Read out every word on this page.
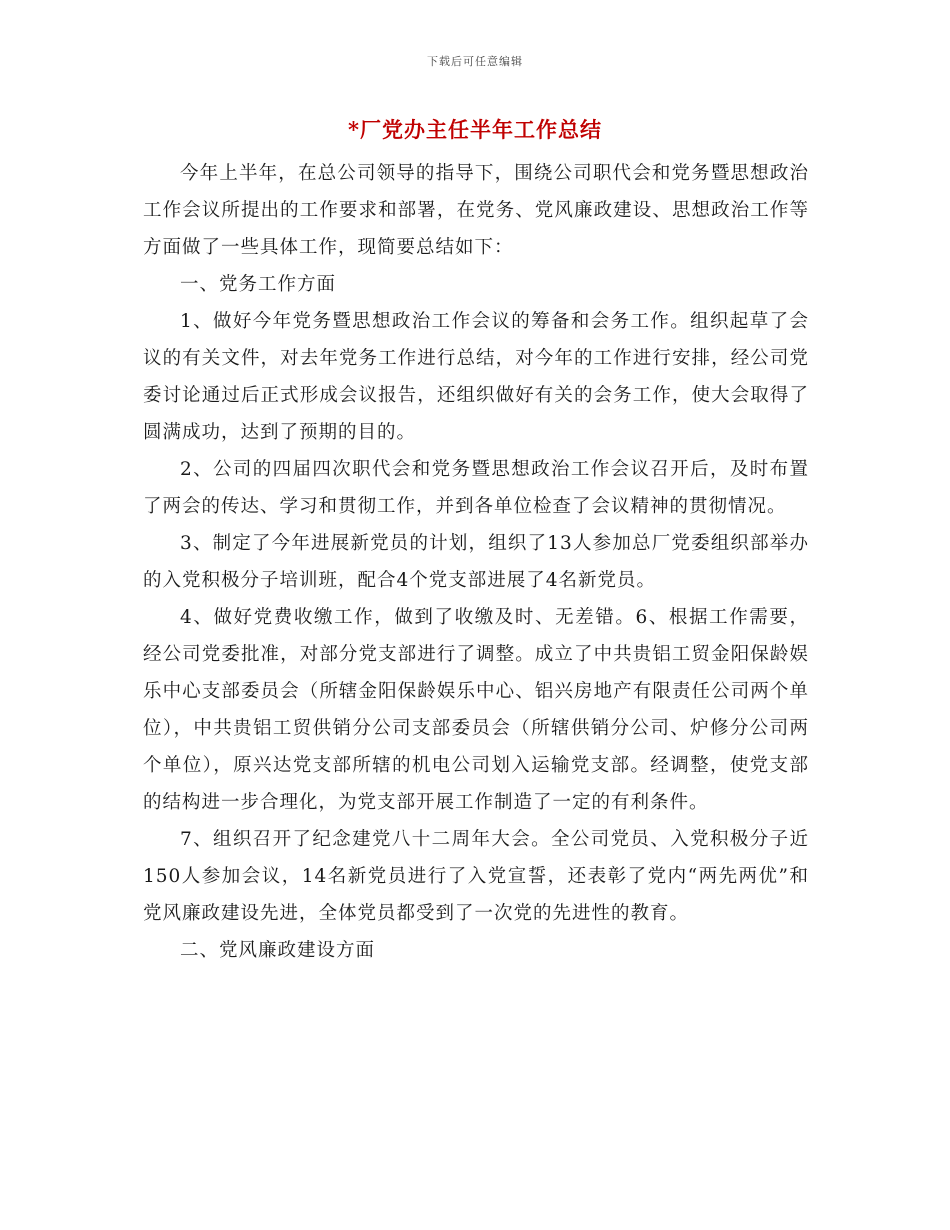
下载后可任意编辑
*厂党办主任半年工作总结

今年上半年，在总公司领导的指导下，围绕公司职代会和党务暨思想政治工作会议所提出的工作要求和部署，在党务、党风廉政建设、思想政治工作等方面做了一些具体工作，现简要总结如下：

一、党务工作方面

1、做好今年党务暨思想政治工作会议的筹备和会务工作。组织起草了会议的有关文件，对去年党务工作进行总结，对今年的工作进行安排，经公司党委讨论通过后正式形成会议报告，还组织做好有关的会务工作，使大会取得了圆满成功，达到了预期的目的。

2、公司的四届四次职代会和党务暨思想政治工作会议召开后，及时布置了两会的传达、学习和贯彻工作，并到各单位检查了会议精神的贯彻情况。

3、制定了今年进展新党员的计划，组织了13人参加总厂党委组织部举办的入党积极分子培训班，配合4个党支部进展了4名新党员。

4、做好党费收缴工作，做到了收缴及时、无差错。6、根据工作需要，经公司党委批准，对部分党支部进行了调整。成立了中共贵铝工贸金阳保龄娱乐中心支部委员会（所辖金阳保龄娱乐中心、铝兴房地产有限责任公司两个单位），中共贵铝工贸供销分公司支部委员会（所辖供销分公司、炉修分公司两个单位），原兴达党支部所辖的机电公司划入运输党支部。经调整，使党支部的结构进一步合理化，为党支部开展工作制造了一定的有利条件。

7、组织召开了纪念建党八十二周年大会。全公司党员、入党积极分子近150人参加会议，14名新党员进行了入党宣誓，还表彰了党内“两先两优”和党风廉政建设先进，全体党员都受到了一次党的先进性的教育。

二、党风廉政建设方面
